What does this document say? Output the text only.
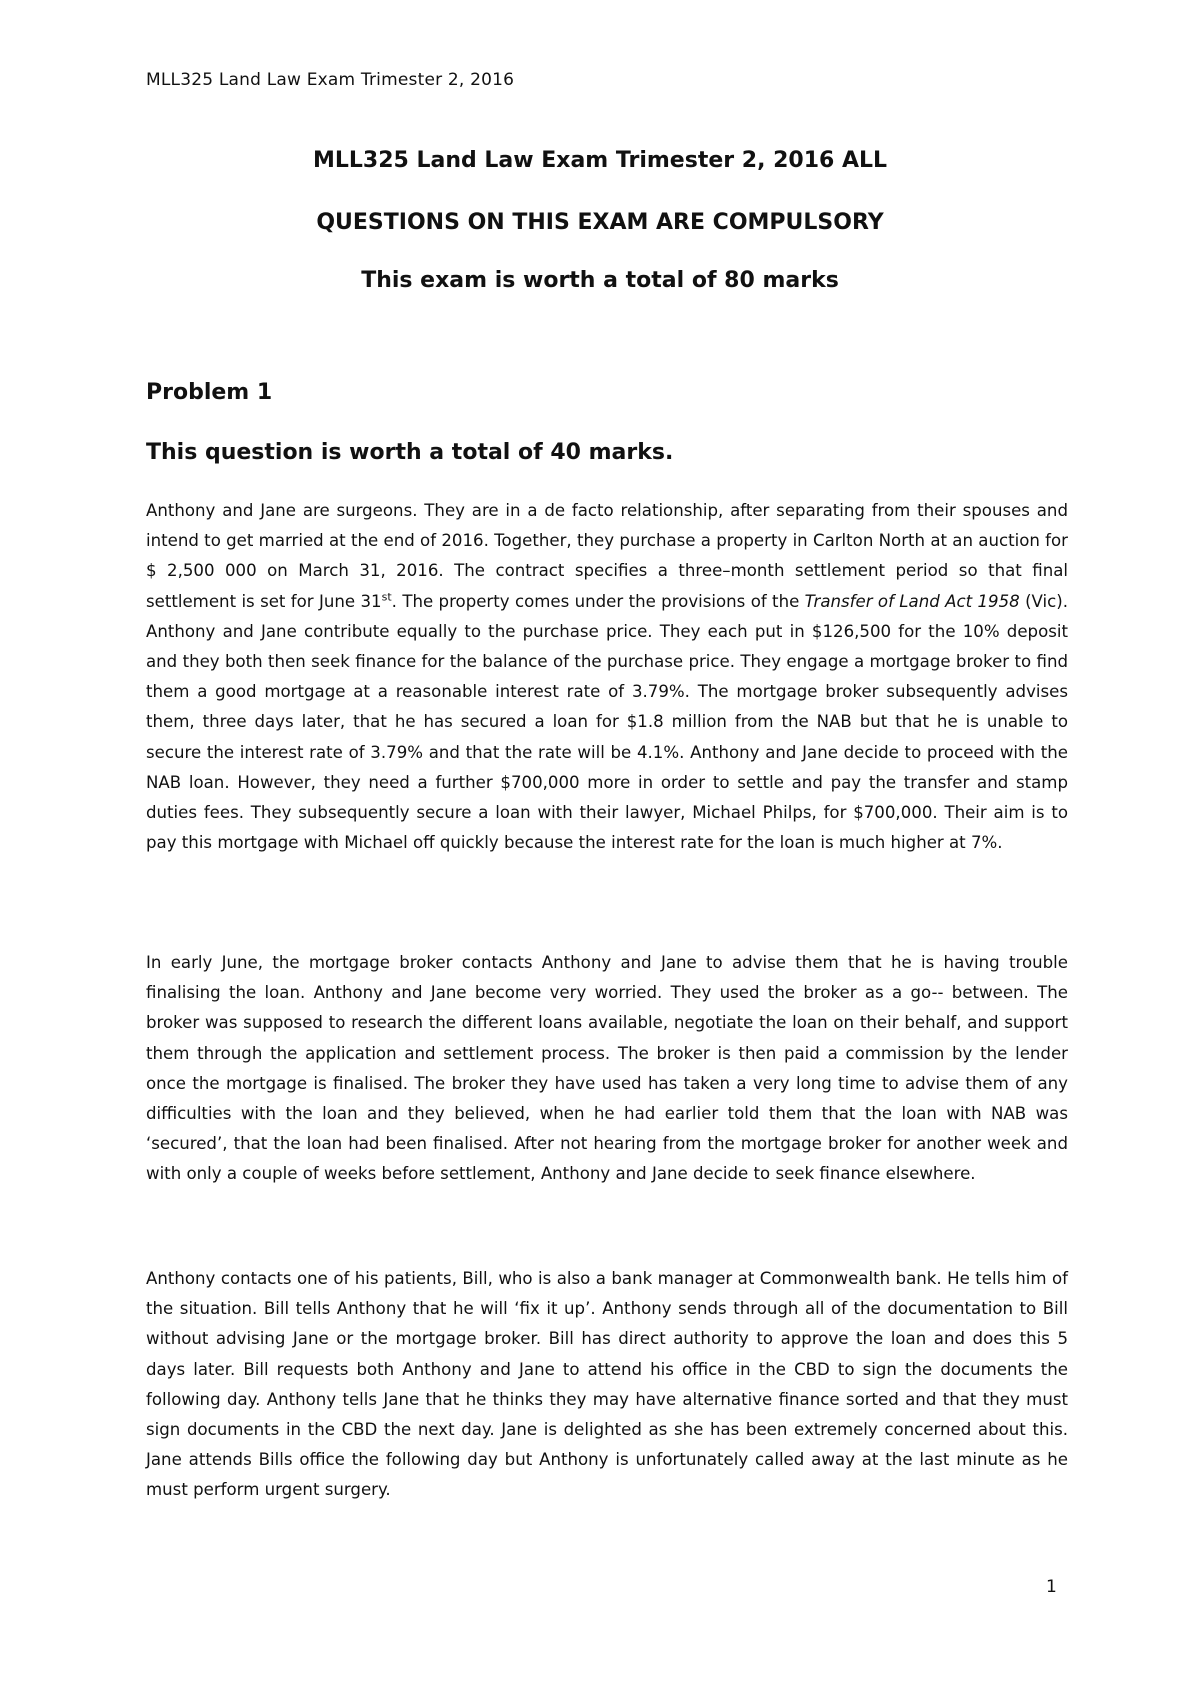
MLL325 Land Law Exam Trimester 2, 2016
MLL325 Land Law Exam Trimester 2, 2016 ALL
QUESTIONS ON THIS EXAM ARE COMPULSORY
This exam is worth a total of 80 marks
Problem 1
This question is worth a total of 40 marks.
Anthony and Jane are surgeons. They are in a de facto relationship, after separating from their spouses and intend to get married at the end of 2016. Together, they purchase a property in Carlton North at an auction for $ 2,500 000 on March 31, 2016. The contract specifies a three–month settlement period so that final settlement is set for June 31st. The property comes under the provisions of the Transfer of Land Act 1958 (Vic). Anthony and Jane contribute equally to the purchase price. They each put in $126,500 for the 10% deposit and they both then seek finance for the balance of the purchase price. They engage a mortgage broker to find them a good mortgage at a reasonable interest rate of 3.79%. The mortgage broker subsequently advises them, three days later, that he has secured a loan for $1.8 million from the NAB but that he is unable to secure the interest rate of 3.79% and that the rate will be 4.1%. Anthony and Jane decide to proceed with the NAB loan. However, they need a further $700,000 more in order to settle and pay the transfer and stamp duties fees. They subsequently secure a loan with their lawyer, Michael Philps, for $700,000. Their aim is to pay this mortgage with Michael off quickly because the interest rate for the loan is much higher at 7%.
In early June, the mortgage broker contacts Anthony and Jane to advise them that he is having trouble finalising the loan. Anthony and Jane become very worried. They used the broker as a go-- between. The broker was supposed to research the different loans available, negotiate the loan on their behalf, and support them through the application and settlement process. The broker is then paid a commission by the lender once the mortgage is finalised. The broker they have used has taken a very long time to advise them of any difficulties with the loan and they believed, when he had earlier told them that the loan with NAB was ‘secured’, that the loan had been finalised. After not hearing from the mortgage broker for another week and with only a couple of weeks before settlement, Anthony and Jane decide to seek finance elsewhere.
Anthony contacts one of his patients, Bill, who is also a bank manager at Commonwealth bank. He tells him of the situation. Bill tells Anthony that he will ‘fix it up’. Anthony sends through all of the documentation to Bill without advising Jane or the mortgage broker. Bill has direct authority to approve the loan and does this 5 days later. Bill requests both Anthony and Jane to attend his office in the CBD to sign the documents the following day. Anthony tells Jane that he thinks they may have alternative finance sorted and that they must sign documents in the CBD the next day. Jane is delighted as she has been extremely concerned about this. Jane attends Bills office the following day but Anthony is unfortunately called away at the last minute as he must perform urgent surgery.
1
